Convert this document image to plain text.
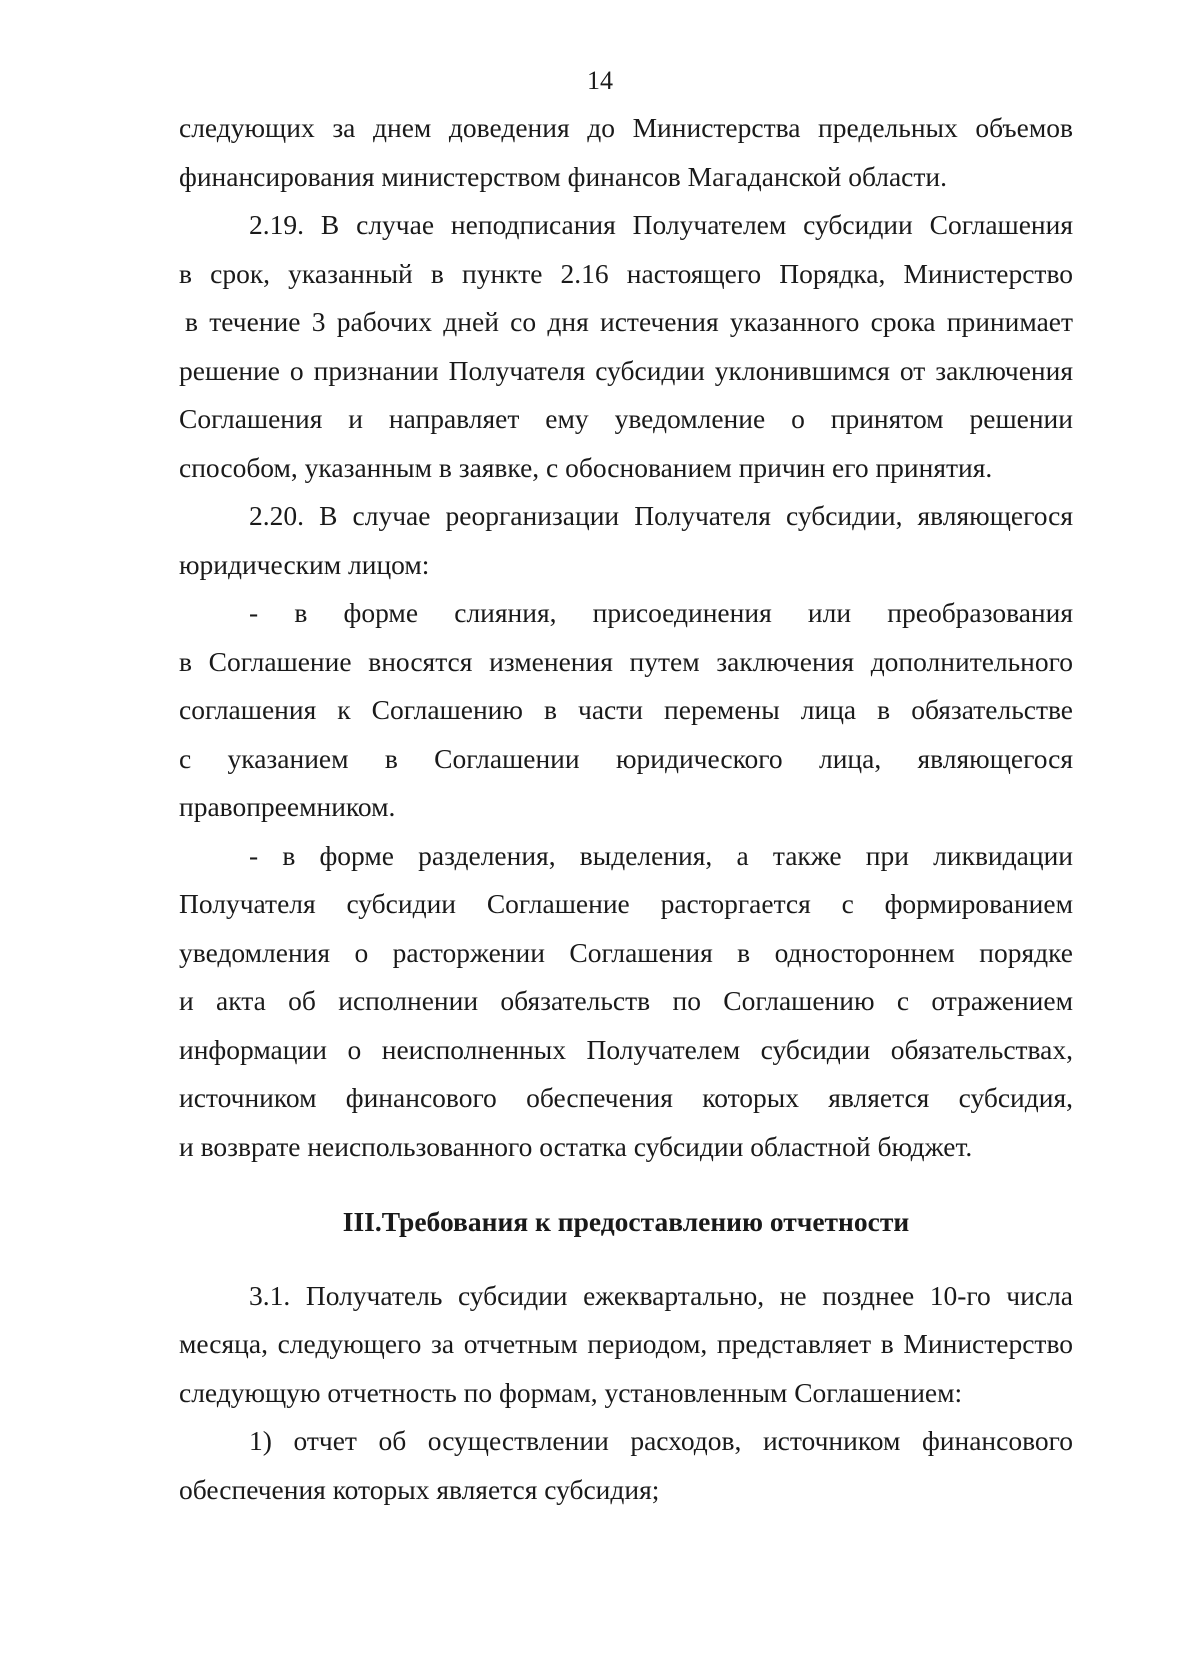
14

следующих за днем доведения до Министерства предельных объемов
финансирования министерством финансов Магаданской области.

2.19. В случае неподписания Получателем субсидии Соглашения
в срок, указанный в пункте 2.16 настоящего Порядка, Министерство
в течение 3 рабочих дней со дня истечения указанного срока принимает
решение о признании Получателя субсидии уклонившимся от заключения
Соглашения и направляет ему уведомление о принятом решении
способом, указанным в заявке, с обоснованием причин его принятия.

2.20. В случае реорганизации Получателя субсидии, являющегося
юридическим лицом:

- в форме слияния, присоединения или преобразования
в Соглашение вносятся изменения путем заключения дополнительного
соглашения к Соглашению в части перемены лица в обязательстве
с указанием в Соглашении юридического лица, являющегося
правопреемником.

- в форме разделения, выделения, а также при ликвидации
Получателя субсидии Соглашение расторгается с формированием
уведомления о расторжении Соглашения в одностороннем порядке
и акта об исполнении обязательств по Соглашению с отражением
информации о неисполненных Получателем субсидии обязательствах,
источником финансового обеспечения которых является субсидия,
и возврате неиспользованного остатка субсидии областной бюджет.

III.Требования к предоставлению отчетности

3.1. Получатель субсидии ежеквартально, не позднее 10-го числа
месяца, следующего за отчетным периодом, представляет в Министерство
следующую отчетность по формам, установленным Соглашением:

1) отчет об осуществлении расходов, источником финансового
обеспечения которых является субсидия;
